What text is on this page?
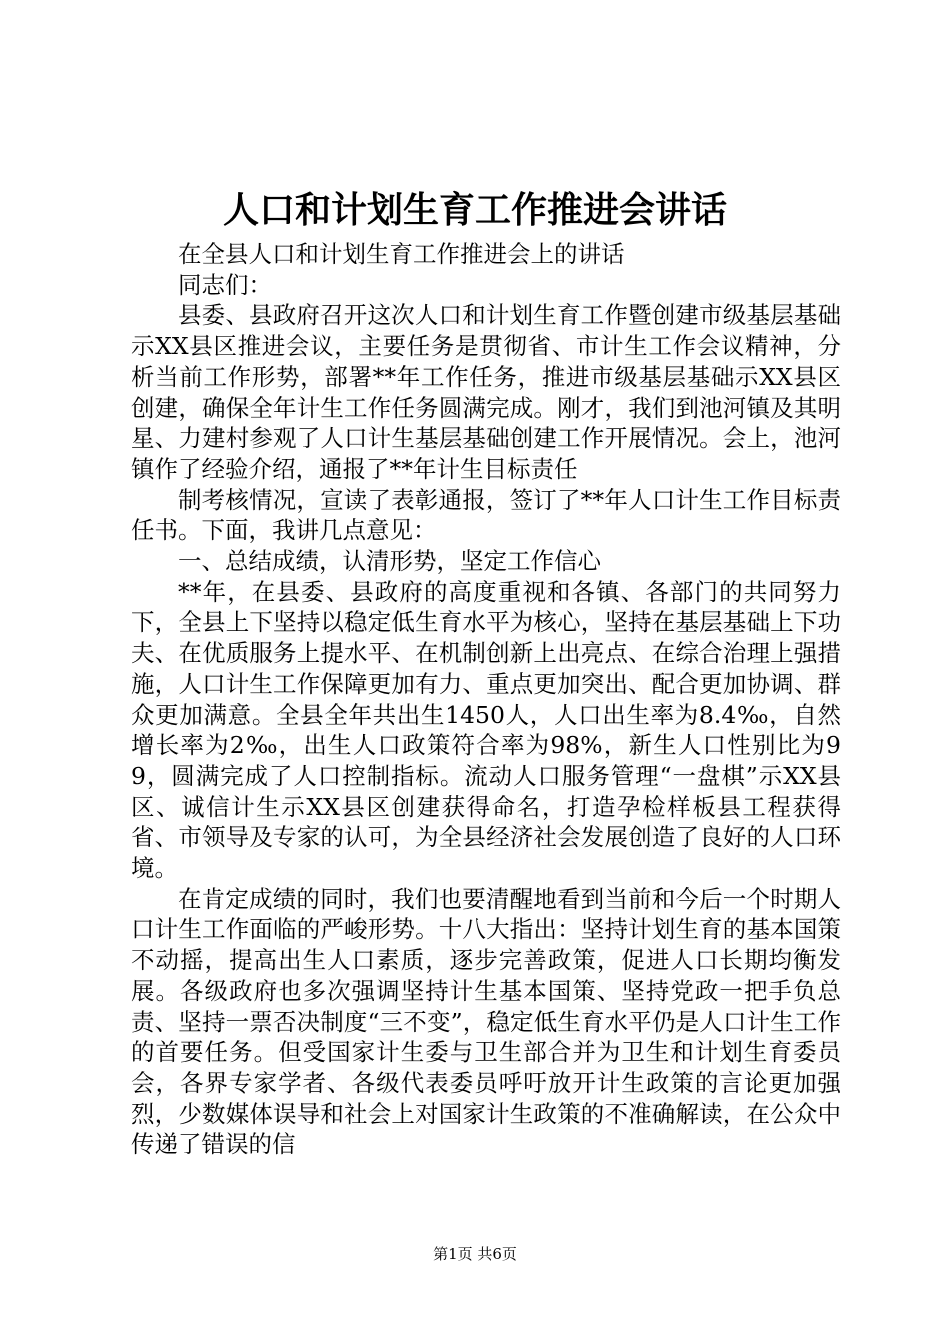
人口和计划生育工作推进会讲话

在全县人口和计划生育工作推进会上的讲话

同志们：

县委、县政府召开这次人口和计划生育工作暨创建市级基层基础示XX县区推进会议，主要任务是贯彻省、市计生工作会议精神，分析当前工作形势，部署**年工作任务，推进市级基层基础示XX县区创建，确保全年计生工作任务圆满完成。刚才，我们到池河镇及其明星、力建村参观了人口计生基层基础创建工作开展情况。会上，池河镇作了经验介绍，通报了**年计生目标责任

制考核情况，宣读了表彰通报，签订了**年人口计生工作目标责任书。下面，我讲几点意见：

一、总结成绩，认清形势，坚定工作信心

**年，在县委、县政府的高度重视和各镇、各部门的共同努力下，全县上下坚持以稳定低生育水平为核心，坚持在基层基础上下功夫、在优质服务上提水平、在机制创新上出亮点、在综合治理上强措施，人口计生工作保障更加有力、重点更加突出、配合更加协调、群众更加满意。全县全年共出生1450人，人口出生率为8.4‰，自然增长率为2‰，出生人口政策符合率为98%，新生人口性别比为99，圆满完成了人口控制指标。流动人口服务管理“一盘棋”示XX县区、诚信计生示XX县区创建获得命名，打造孕检样板县工程获得省、市领导及专家的认可，为全县经济社会发展创造了良好的人口环境。

在肯定成绩的同时，我们也要清醒地看到当前和今后一个时期人口计生工作面临的严峻形势。十八大指出：坚持计划生育的基本国策不动摇，提高出生人口素质，逐步完善政策，促进人口长期均衡发展。各级政府也多次强调坚持计生基本国策、坚持党政一把手负总责、坚持一票否决制度“三不变”，稳定低生育水平仍是人口计生工作的首要任务。但受国家计生委与卫生部合并为卫生和计划生育委员会，各界专家学者、各级代表委员呼吁放开计生政策的言论更加强烈，少数媒体误导和社会上对国家计生政策的不准确解读，在公众中传递了错误的信

第1页 共6页
